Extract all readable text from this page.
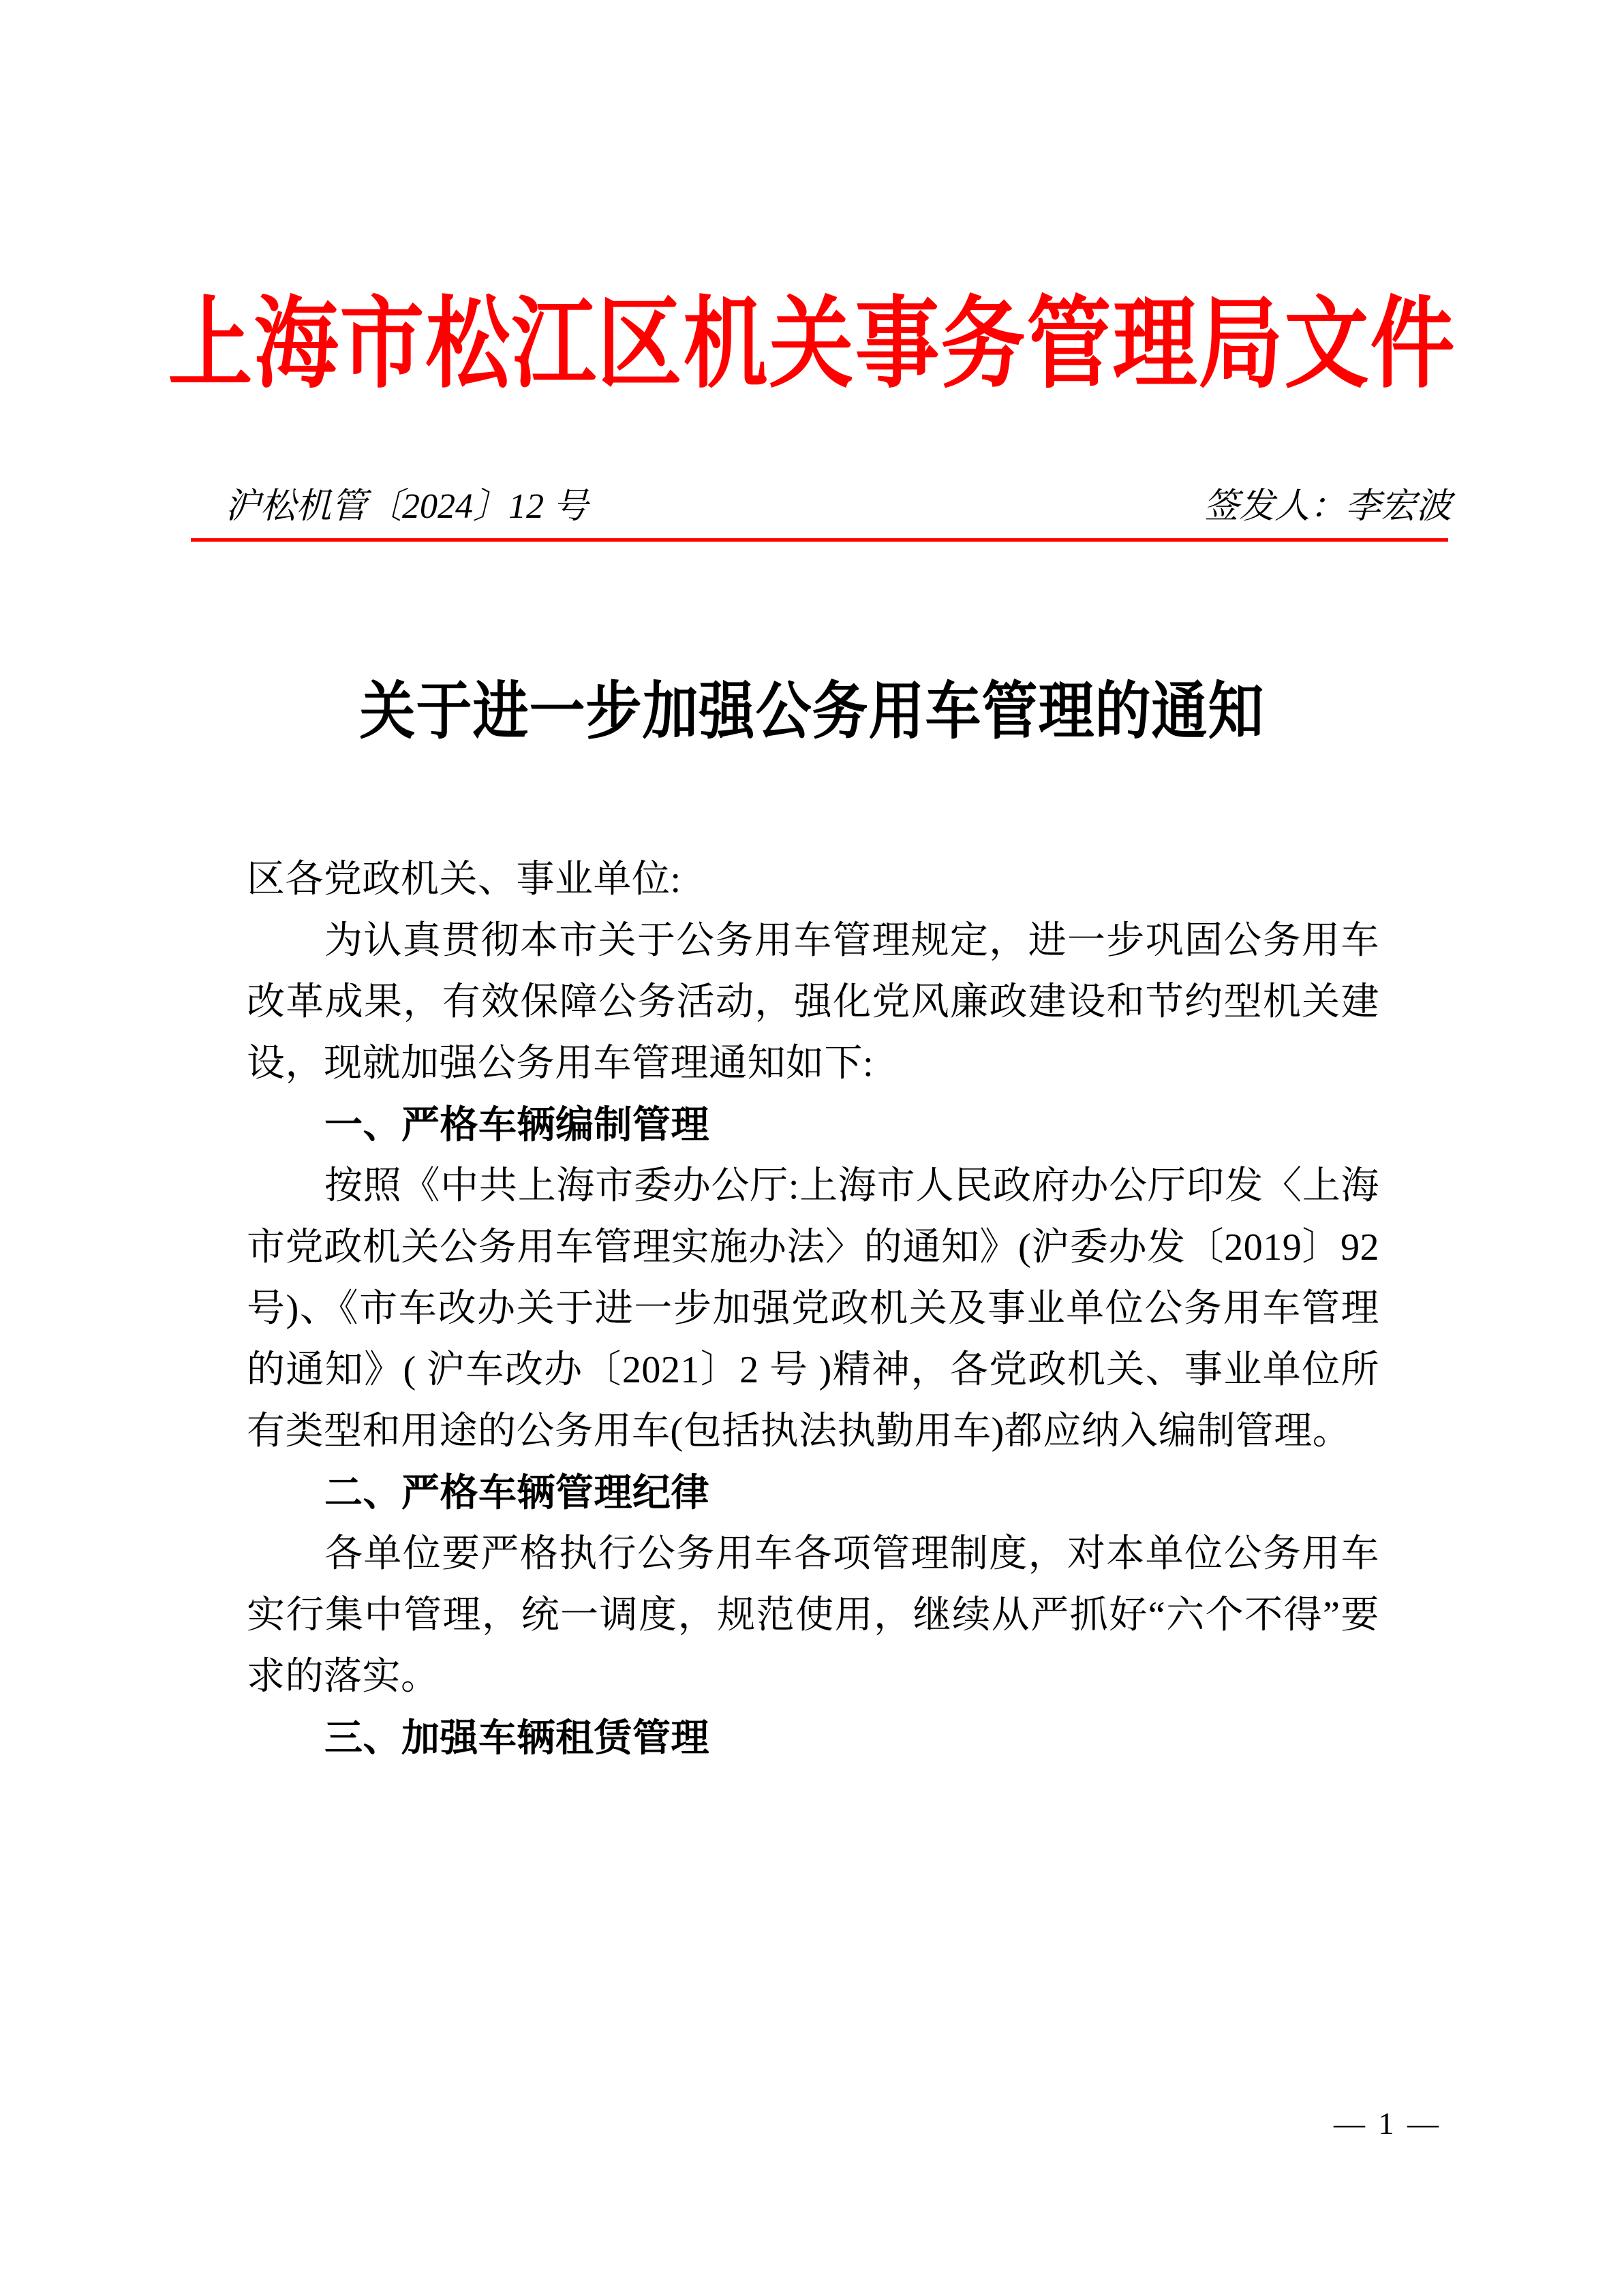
上海市松江区机关事务管理局文件
沪松机管〔2024〕12 号	签发人：李宏波
关于进一步加强公务用车管理的通知

区各党政机关、事业单位:

为认真贯彻本市关于公务用车管理规定，进一步巩固公务用车改革成果，有效保障公务活动，强化党风廉政建设和节约型机关建设，现就加强公务用车管理通知如下:

一、严格车辆编制管理

按照《中共上海市委办公厅:上海市人民政府办公厅印发〈上海市党政机关公务用车管理实施办法〉的通知》(沪委办发〔2019〕92 号)、《市车改办关于进一步加强党政机关及事业单位公务用车管理的通知》( 沪车改办〔2021〕2 号 )精神，各党政机关、事业单位所有类型和用途的公务用车(包括执法执勤用车)都应纳入编制管理。

二、严格车辆管理纪律

各单位要严格执行公务用车各项管理制度，对本单位公务用车实行集中管理，统一调度，规范使用，继续从严抓好“六个不得”要求的落实。

三、加强车辆租赁管理

— 1 —
